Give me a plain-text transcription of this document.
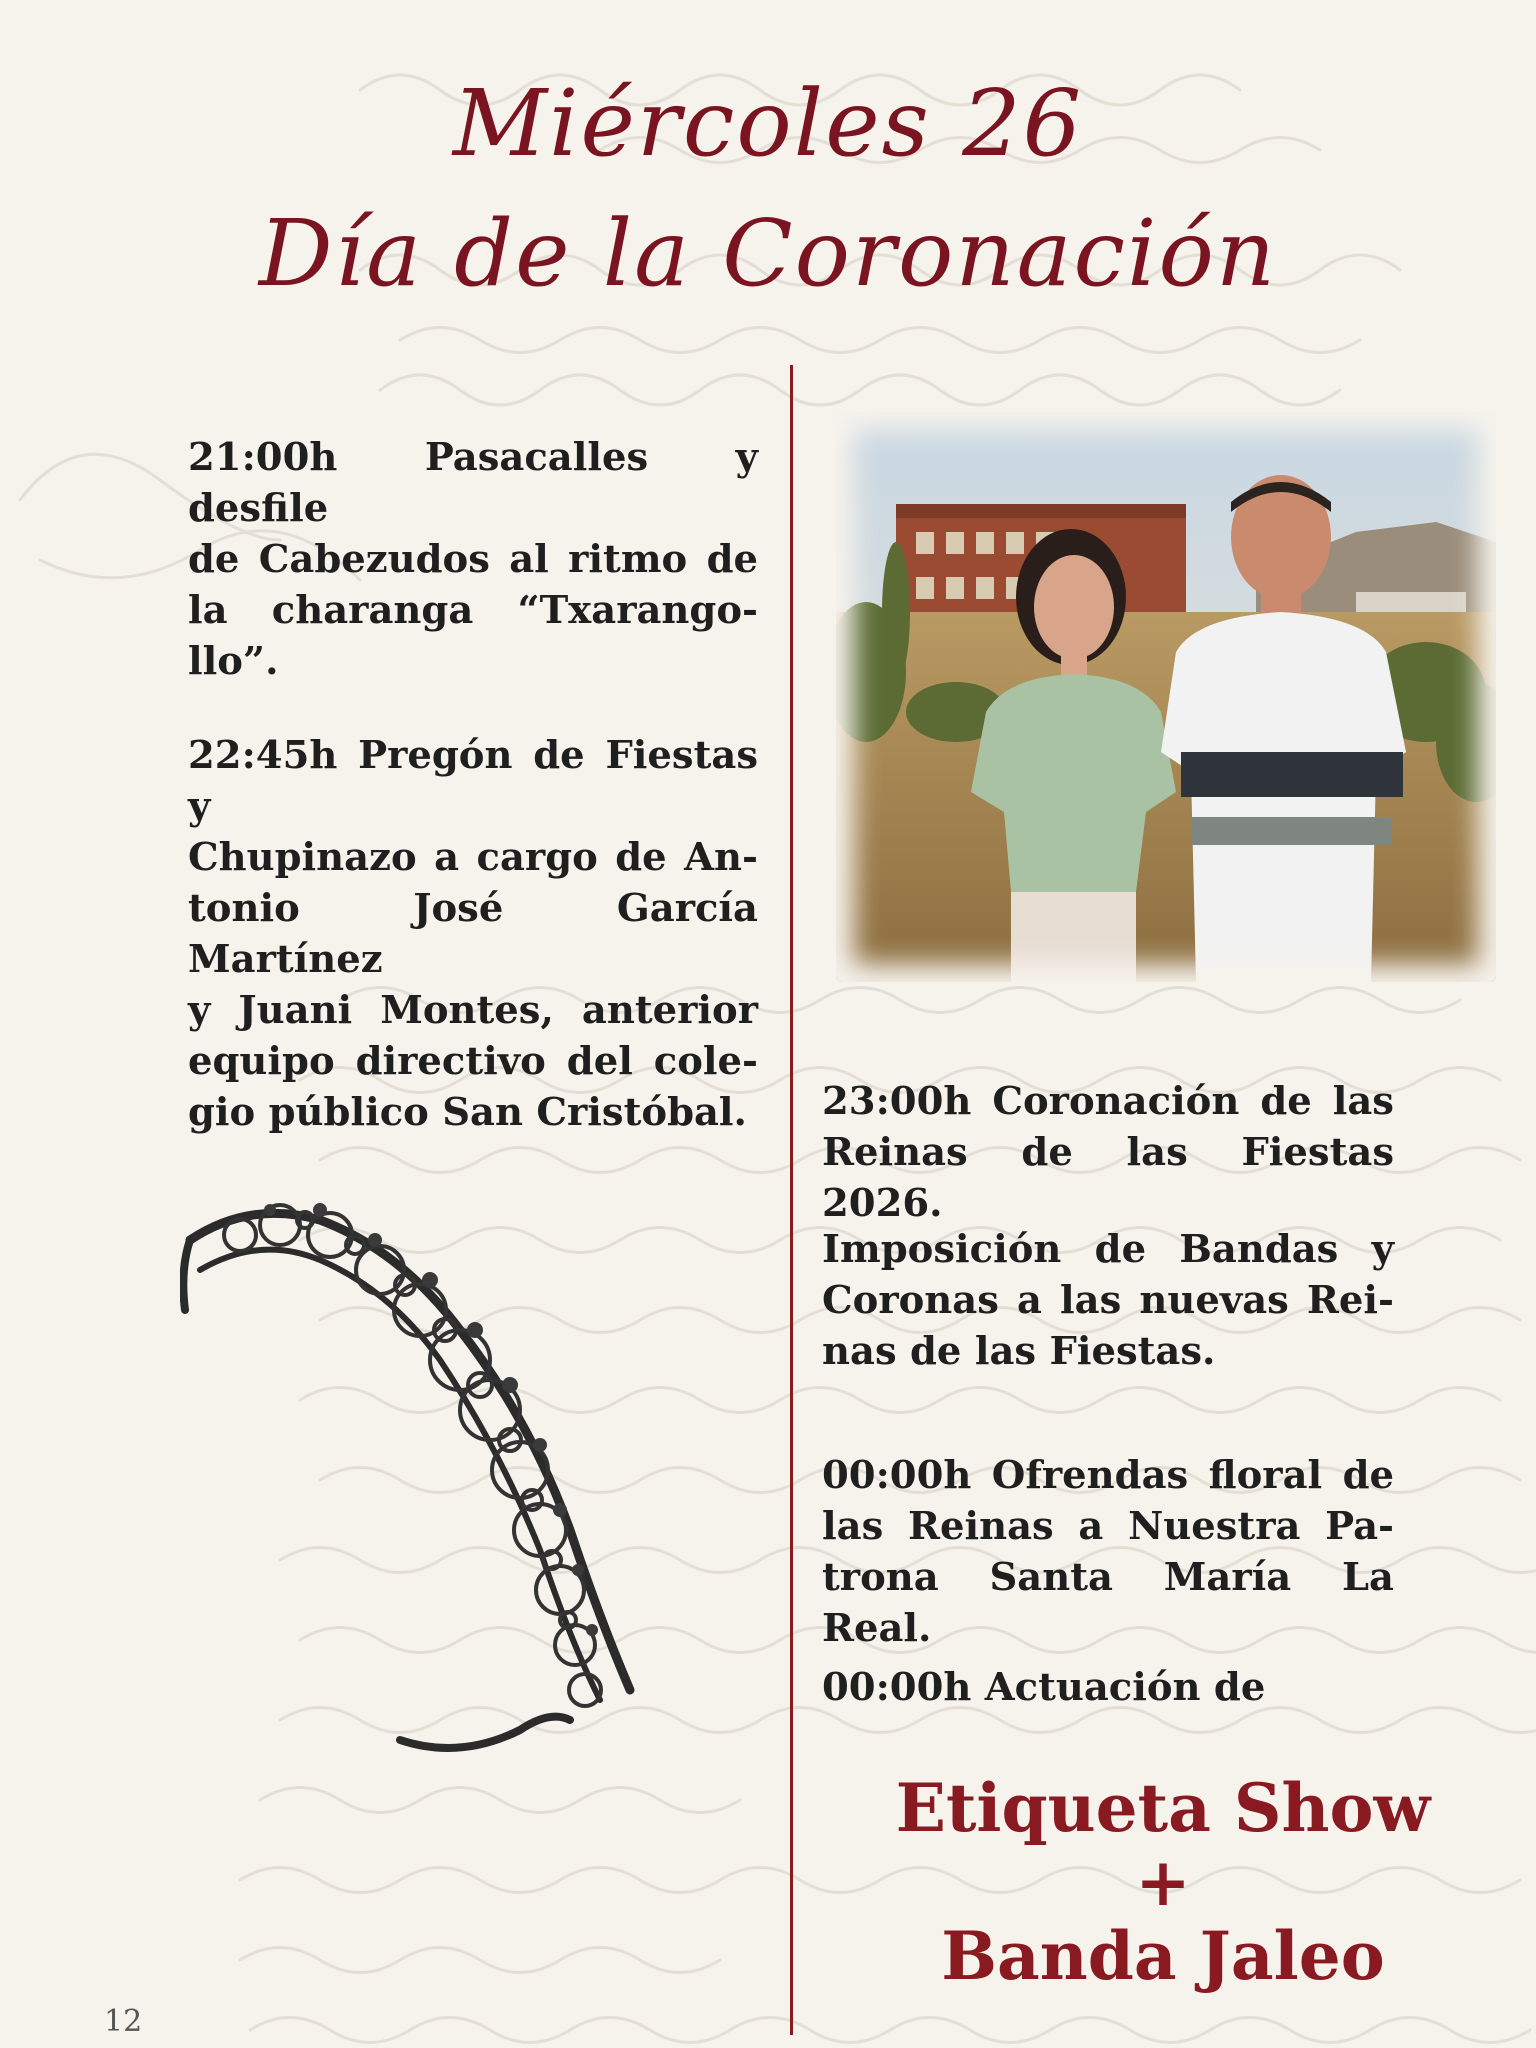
Miércoles 26
Día de la Coronación
21:00h Pasacalles y desfile
de Cabezudos al ritmo de
la charanga “Txarango-
llo”.
22:45h Pregón de Fiestas y
Chupinazo a cargo de An-
tonio José García Martínez
y Juani Montes, anterior
equipo directivo del cole-
gio público San Cristóbal. 23:00h Coronación de las
Reinas de las Fiestas 2026.
Imposición de Bandas y
Coronas a las nuevas Rei-
nas de las Fiestas.
00:00h Ofrendas floral de
las Reinas a Nuestra Pa-
trona Santa María La Real.
00:00h Actuación de
Etiqueta Show
+
Banda Jaleo
12
